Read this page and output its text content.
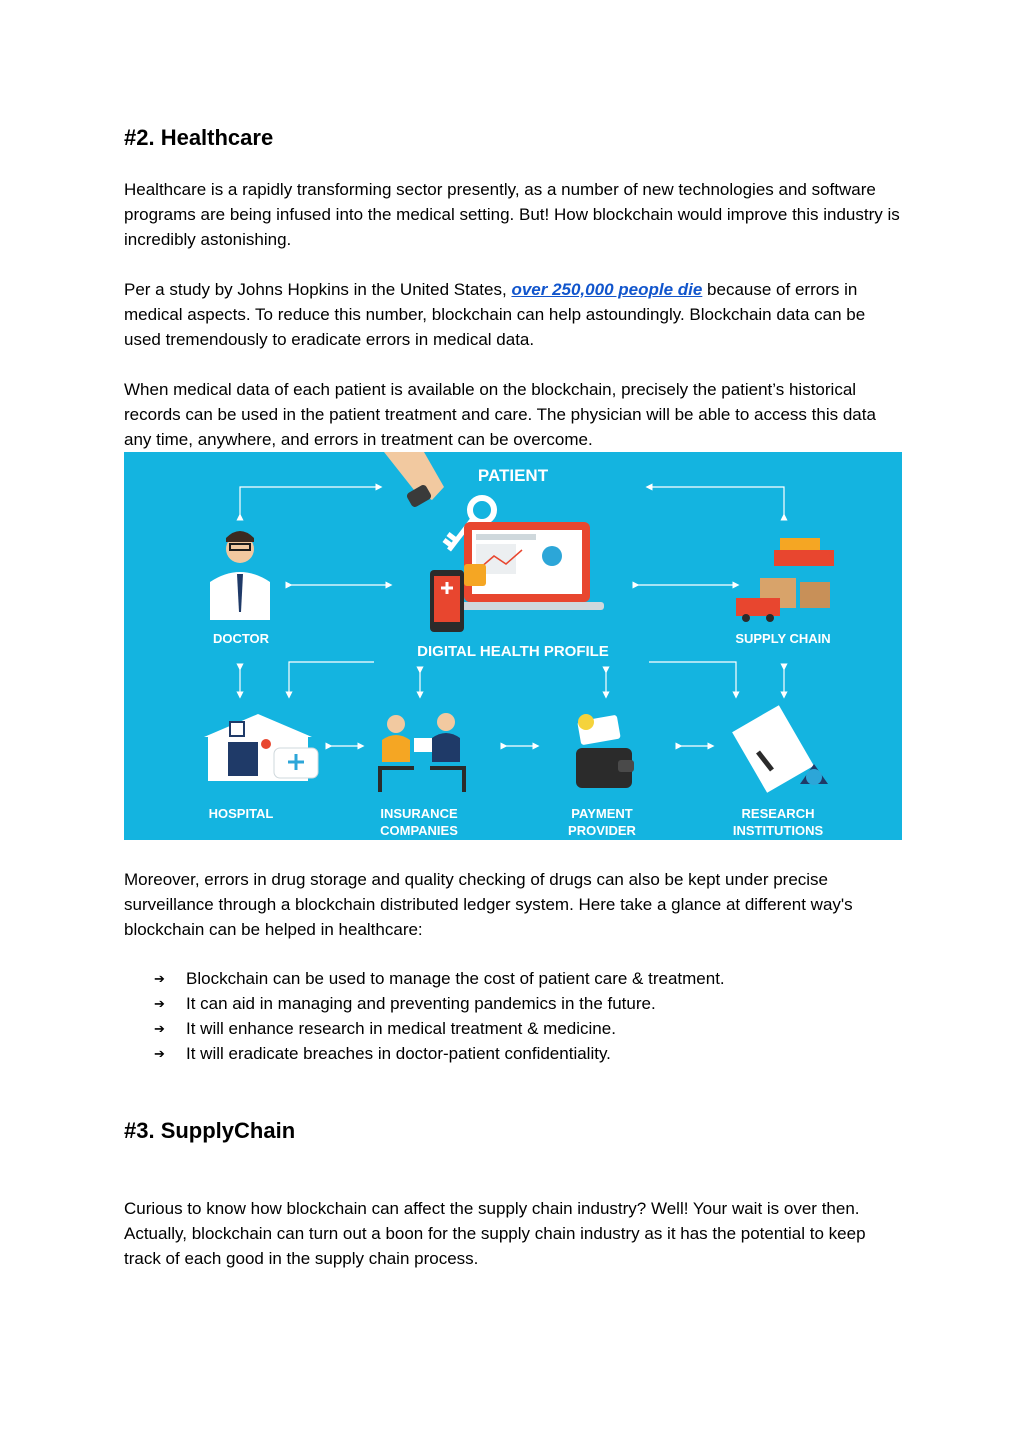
#2. Healthcare

Healthcare is a rapidly transforming sector presently, as a number of new technologies and software programs are being infused into the medical setting. But! How blockchain would improve this industry is incredibly astonishing.

Per a study by Johns Hopkins in the United States, over 250,000 people die because of errors in medical aspects. To reduce this number, blockchain can help astoundingly. Blockchain data can be used tremendously to eradicate errors in medical data.

When medical data of each patient is available on the blockchain, precisely the patient’s historical records can be used in the patient treatment and care. The physician will be able to access this data any time, anywhere, and errors in treatment can be overcome.

PATIENT
DOCTOR	SUPPLY CHAIN
DIGITAL HEALTH PROFILE
HOSPITAL	INSURANCE
COMPANIES
PAYMENT
PROVIDER
RESEARCH
INSTITUTIONS

Moreover, errors in drug storage and quality checking of drugs can also be kept under precise surveillance through a blockchain distributed ledger system. Here take a glance at different way's blockchain can be helped in healthcare:

➔ Blockchain can be used to manage the cost of patient care & treatment.
➔ It can aid in managing and preventing pandemics in the future.
➔ It will enhance research in medical treatment & medicine.
➔ It will eradicate breaches in doctor-patient confidentiality.
#3. SupplyChain

Curious to know how blockchain can affect the supply chain industry? Well! Your wait is over then. Actually, blockchain can turn out a boon for the supply chain industry as it has the potential to keep track of each good in the supply chain process.
